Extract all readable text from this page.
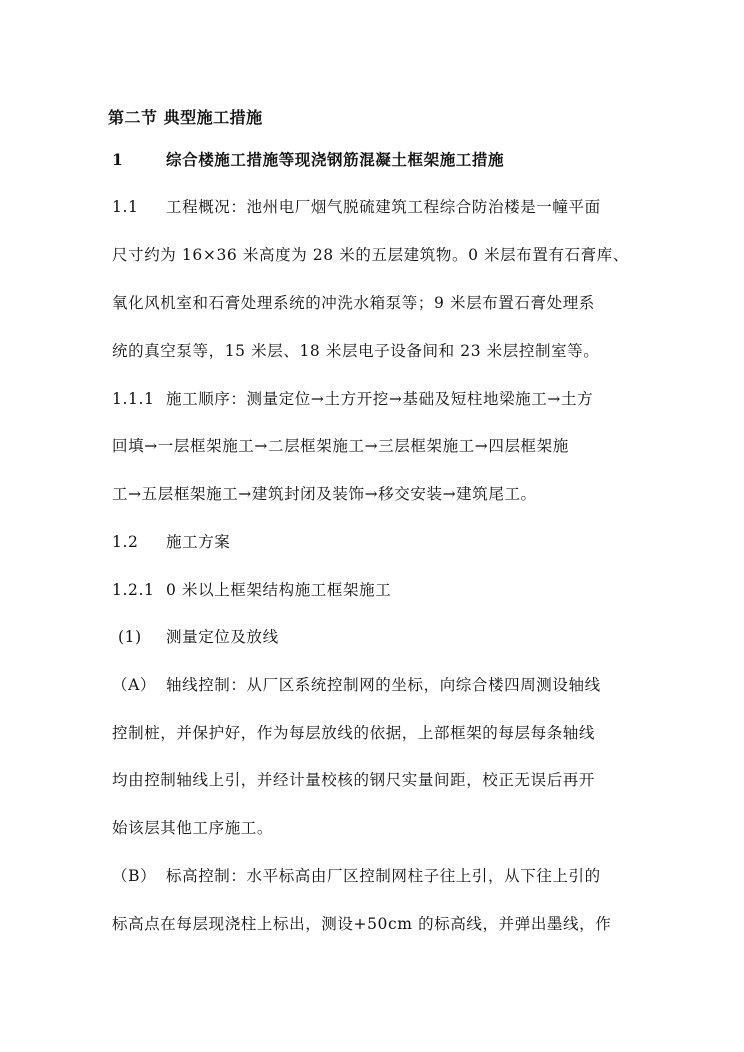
第二节 典型施工措施
1	综合楼施工措施等现浇钢筋混凝土框架施工措施
1.1 工程概况：池州电厂烟气脱硫建筑工程综合防治楼是一幢平面
尺寸约为 16×36 米高度为 28 米的五层建筑物。0 米层布置有石膏库、
氧化风机室和石膏处理系统的冲洗水箱泵等；9 米层布置石膏处理系
统的真空泵等，15 米层、18 米层电子设备间和 23 米层控制室等。
1.1.1 施工顺序：测量定位→土方开挖→基础及短柱地梁施工→土方
回填→一层框架施工→二层框架施工→三层框架施工→四层框架施
工→五层框架施工→建筑封闭及装饰→移交安装→建筑尾工。
1.2 施工方案
1.2.1 0 米以上框架结构施工框架施工
(1) 测量定位及放线
（A） 轴线控制：从厂区系统控制网的坐标，向综合楼四周测设轴线
控制桩，并保护好，作为每层放线的依据，上部框架的每层每条轴线
均由控制轴线上引，并经计量校核的钢尺实量间距，校正无误后再开
始该层其他工序施工。
（B） 标高控制：水平标高由厂区控制网柱子往上引，从下往上引的
标高点在每层现浇柱上标出，测设+50cm 的标高线，并弹出墨线，作
